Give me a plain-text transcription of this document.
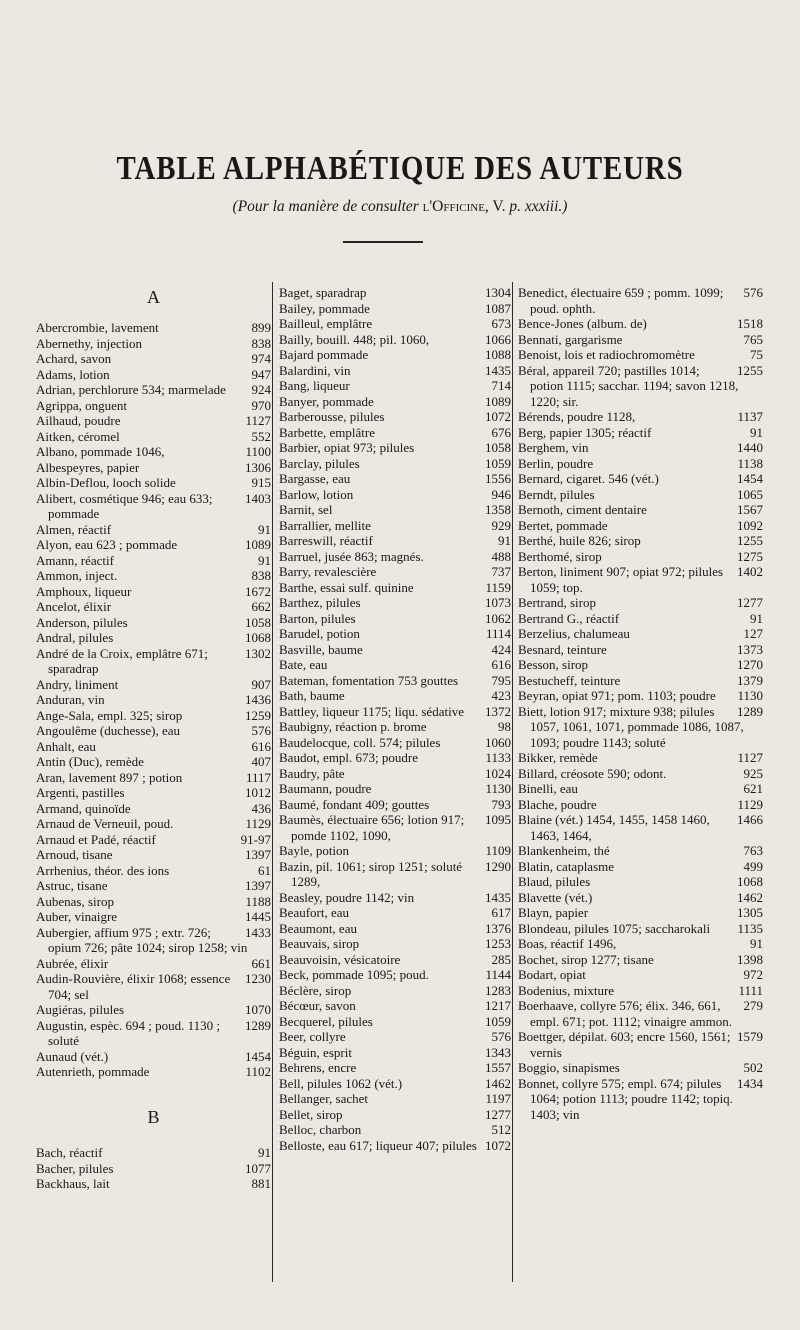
TABLE ALPHABÉTIQUE DES AUTEURS
(Pour la manière de consulter l'Officine, V. p. xxxiii.)
A
899
Abercrombie, lavement
838
Abernethy, injection
974
Achard, savon
947
Adams, lotion
924
Adrian, perchlorure 534; marmelade
970
Agrippa, onguent
1127
Ailhaud, poudre
552
Aitken, céromel
1100
Albano, pommade 1046,
1306
Albespeyres, papier
915
Albin-Deflou, looch solide
1403
Alibert, cosmétique 946; eau 633; pommade
91
Almen, réactif
1089
Alyon, eau 623 ; pommade
91
Amann, réactif
838
Ammon, inject.
1672
Amphoux, liqueur
662
Ancelot, élixir
1058
Anderson, pilules
1068
Andral, pilules
1302
André de la Croix, emplâtre 671; sparadrap
907
Andry, liniment
1436
Anduran, vin
1259
Ange-Sala, empl. 325; sirop
576
Angoulême (duchesse), eau
616
Anhalt, eau
407
Antin (Duc), remède
1117
Aran, lavement 897 ; potion
1012
Argenti, pastilles
436
Armand, quinoïde
1129
Arnaud de Verneuil, poud.
91-97
Arnaud et Padé, réactif
1397
Arnoud, tisane
61
Arrhenius, théor. des ions
1397
Astruc, tisane
1188
Aubenas, sirop
1445
Auber, vinaigre
1433
Aubergier, affium 975 ; extr. 726; opium 726; pâte 1024; sirop 1258; vin
661
Aubrée, élixir
1230
Audin-Rouvière, élixir 1068; essence 704; sel
1070
Augiéras, pilules
1289
Augustin, espèc. 694 ; poud. 1130 ; soluté
1454
Aunaud (vét.)
1102
Autenrieth, pommade
B
91
Bach, réactif
1077
Bacher, pilules
881
Backhaus, lait
1304
Baget, sparadrap
1087
Bailey, pommade
673
Bailleul, emplâtre
1066
Bailly, bouill. 448; pil. 1060,
1088
Bajard pommade
1435
Balardini, vin
714
Bang, liqueur
1089
Banyer, pommade
1072
Barberousse, pilules
676
Barbette, emplâtre
1058
Barbier, opiat 973; pilules
1059
Barclay, pilules
1556
Bargasse, eau
946
Barlow, lotion
1358
Barnit, sel
929
Barrallier, mellite
91
Barreswill, réactif
488
Barruel, jusée 863; magnés.
737
Barry, revalescière
1159
Barthe, essai sulf. quinine
1073
Barthez, pilules
1062
Barton, pilules
1114
Barudel, potion
424
Basville, baume
616
Bate, eau
795
Bateman, fomentation 753 gouttes
423
Bath, baume
1372
Battley, liqueur 1175; liqu. sédative
98
Baubigny, réaction p. brome
1060
Baudelocque, coll. 574; pilules
1133
Baudot, empl. 673; poudre
1024
Baudry, pâte
1130
Baumann, poudre
793
Baumé, fondant 409; gouttes
1095
Baumès, électuaire 656; lotion 917; pomde 1102, 1090,
1109
Bayle, potion
1290
Bazin, pil. 1061; sirop 1251; soluté 1289,
1435
Beasley, poudre 1142; vin
617
Beaufort, eau
1376
Beaumont, eau
1253
Beauvais, sirop
285
Beauvoisin, vésicatoire
1144
Beck, pommade 1095; poud.
1283
Béclère, sirop
1217
Bécœur, savon
1059
Becquerel, pilules
576
Beer, collyre
1343
Béguin, esprit
1557
Behrens, encre
1462
Bell, pilules 1062 (vét.)
1197
Bellanger, sachet
1277
Bellet, sirop
512
Belloc, charbon
1072
Belloste, eau 617; liqueur 407; pilules
576
Benedict, électuaire 659 ; pomm. 1099; poud. ophth.
1518
Bence-Jones (album. de)
765
Bennati, gargarisme
75
Benoist, lois et radiochromomètre
1255
Béral, appareil 720; pastilles 1014; potion 1115; sacchar. 1194; savon 1218, 1220; sir.
1137
Bérends, poudre 1128,
91
Berg, papier 1305; réactif
1440
Berghem, vin
1138
Berlin, poudre
1454
Bernard, cigaret. 546 (vét.)
1065
Berndt, pilules
1567
Bernoth, ciment dentaire
1092
Bertet, pommade
1255
Berthé, huile 826; sirop
1275
Berthomé, sirop
1402
Berton, liniment 907; opiat 972; pilules 1059; top.
1277
Bertrand, sirop
91
Bertrand G., réactif
127
Berzelius, chalumeau
1373
Besnard, teinture
1270
Besson, sirop
1379
Bestucheff, teinture
1130
Beyran, opiat 971; pom. 1103; poudre
1289
Biett, lotion 917; mixture 938; pilules 1057, 1061, 1071, pommade 1086, 1087, 1093; poudre 1143; soluté
1127
Bikker, remède
925
Billard, créosote 590; odont.
621
Binelli, eau
1129
Blache, poudre
1466
Blaine (vét.) 1454, 1455, 1458 1460, 1463, 1464,
763
Blankenheim, thé
499
Blatin, cataplasme
1068
Blaud, pilules
1462
Blavette (vét.)
1305
Blayn, papier
1135
Blondeau, pilules 1075; saccharokali
91
Boas, réactif 1496,
1398
Bochet, sirop 1277; tisane
972
Bodart, opiat
1111
Bodenius, mixture
279
Boerhaave, collyre 576; élix. 346, 661, empl. 671; pot. 1112; vinaigre ammon.
1579
Boettger, dépilat. 603; encre 1560, 1561; vernis
502
Boggio, sinapismes
1434
Bonnet, collyre 575; empl. 674; pilules 1064; potion 1113; poudre 1142; topiq. 1403; vin
